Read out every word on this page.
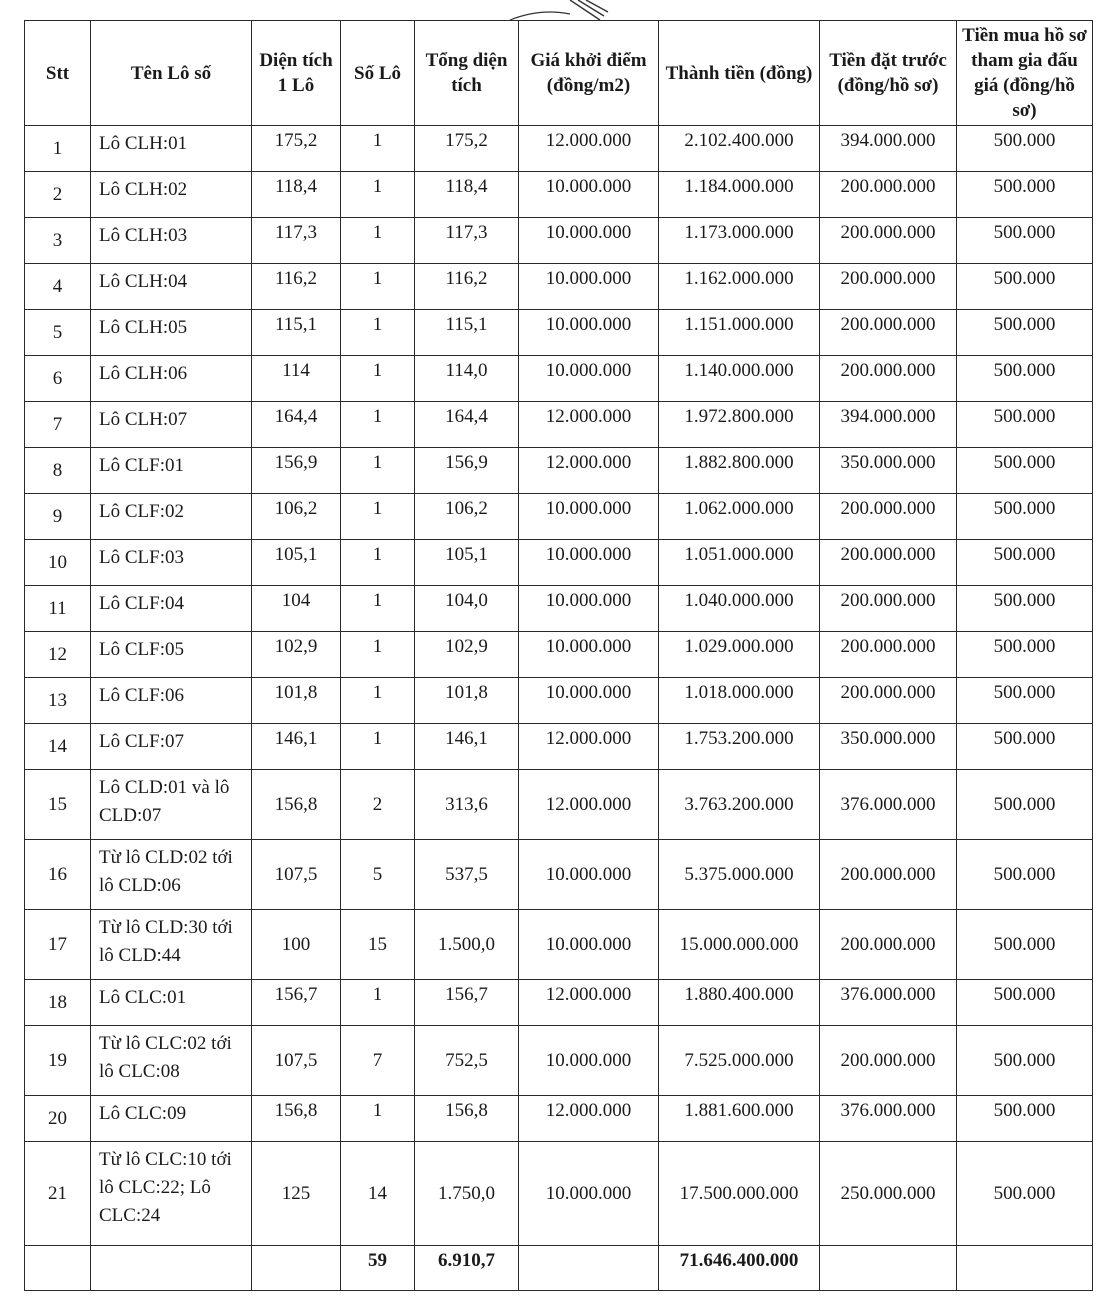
Stt	Tên Lô số	Diện tích 1 Lô	Số Lô	Tổng diện tích	Giá khởi điểm (đồng/m2)	Thành tiền (đồng)	Tiền đặt trước (đồng/hồ sơ)	Tiền mua hồ sơ tham gia đấu giá (đồng/hồ sơ)
1	Lô CLH:01	175,2	1	175,2	12.000.000	2.102.400.000	394.000.000	500.000
2	Lô CLH:02	118,4	1	118,4	10.000.000	1.184.000.000	200.000.000	500.000
3	Lô CLH:03	117,3	1	117,3	10.000.000	1.173.000.000	200.000.000	500.000
4	Lô CLH:04	116,2	1	116,2	10.000.000	1.162.000.000	200.000.000	500.000
5	Lô CLH:05	115,1	1	115,1	10.000.000	1.151.000.000	200.000.000	500.000
6	Lô CLH:06	114	1	114,0	10.000.000	1.140.000.000	200.000.000	500.000
7	Lô CLH:07	164,4	1	164,4	12.000.000	1.972.800.000	394.000.000	500.000
8	Lô CLF:01	156,9	1	156,9	12.000.000	1.882.800.000	350.000.000	500.000
9	Lô CLF:02	106,2	1	106,2	10.000.000	1.062.000.000	200.000.000	500.000
10	Lô CLF:03	105,1	1	105,1	10.000.000	1.051.000.000	200.000.000	500.000
11	Lô CLF:04	104	1	104,0	10.000.000	1.040.000.000	200.000.000	500.000
12	Lô CLF:05	102,9	1	102,9	10.000.000	1.029.000.000	200.000.000	500.000
13	Lô CLF:06	101,8	1	101,8	10.000.000	1.018.000.000	200.000.000	500.000
14	Lô CLF:07	146,1	1	146,1	12.000.000	1.753.200.000	350.000.000	500.000
15	Lô CLD:01 và lô CLD:07	156,8	2	313,6	12.000.000	3.763.200.000	376.000.000	500.000
16	Từ lô CLD:02 tới lô CLD:06	107,5	5	537,5	10.000.000	5.375.000.000	200.000.000	500.000
17	Từ lô CLD:30 tới lô CLD:44	100	15	1.500,0	10.000.000	15.000.000.000	200.000.000	500.000
18	Lô CLC:01	156,7	1	156,7	12.000.000	1.880.400.000	376.000.000	500.000
19	Từ lô CLC:02 tới lô CLC:08	107,5	7	752,5	10.000.000	7.525.000.000	200.000.000	500.000
20	Lô CLC:09	156,8	1	156,8	12.000.000	1.881.600.000	376.000.000	500.000
21	Từ lô CLC:10 tới lô CLC:22; Lô CLC:24	125	14	1.750,0	10.000.000	17.500.000.000	250.000.000	500.000
			59	6.910,7		71.646.400.000		
